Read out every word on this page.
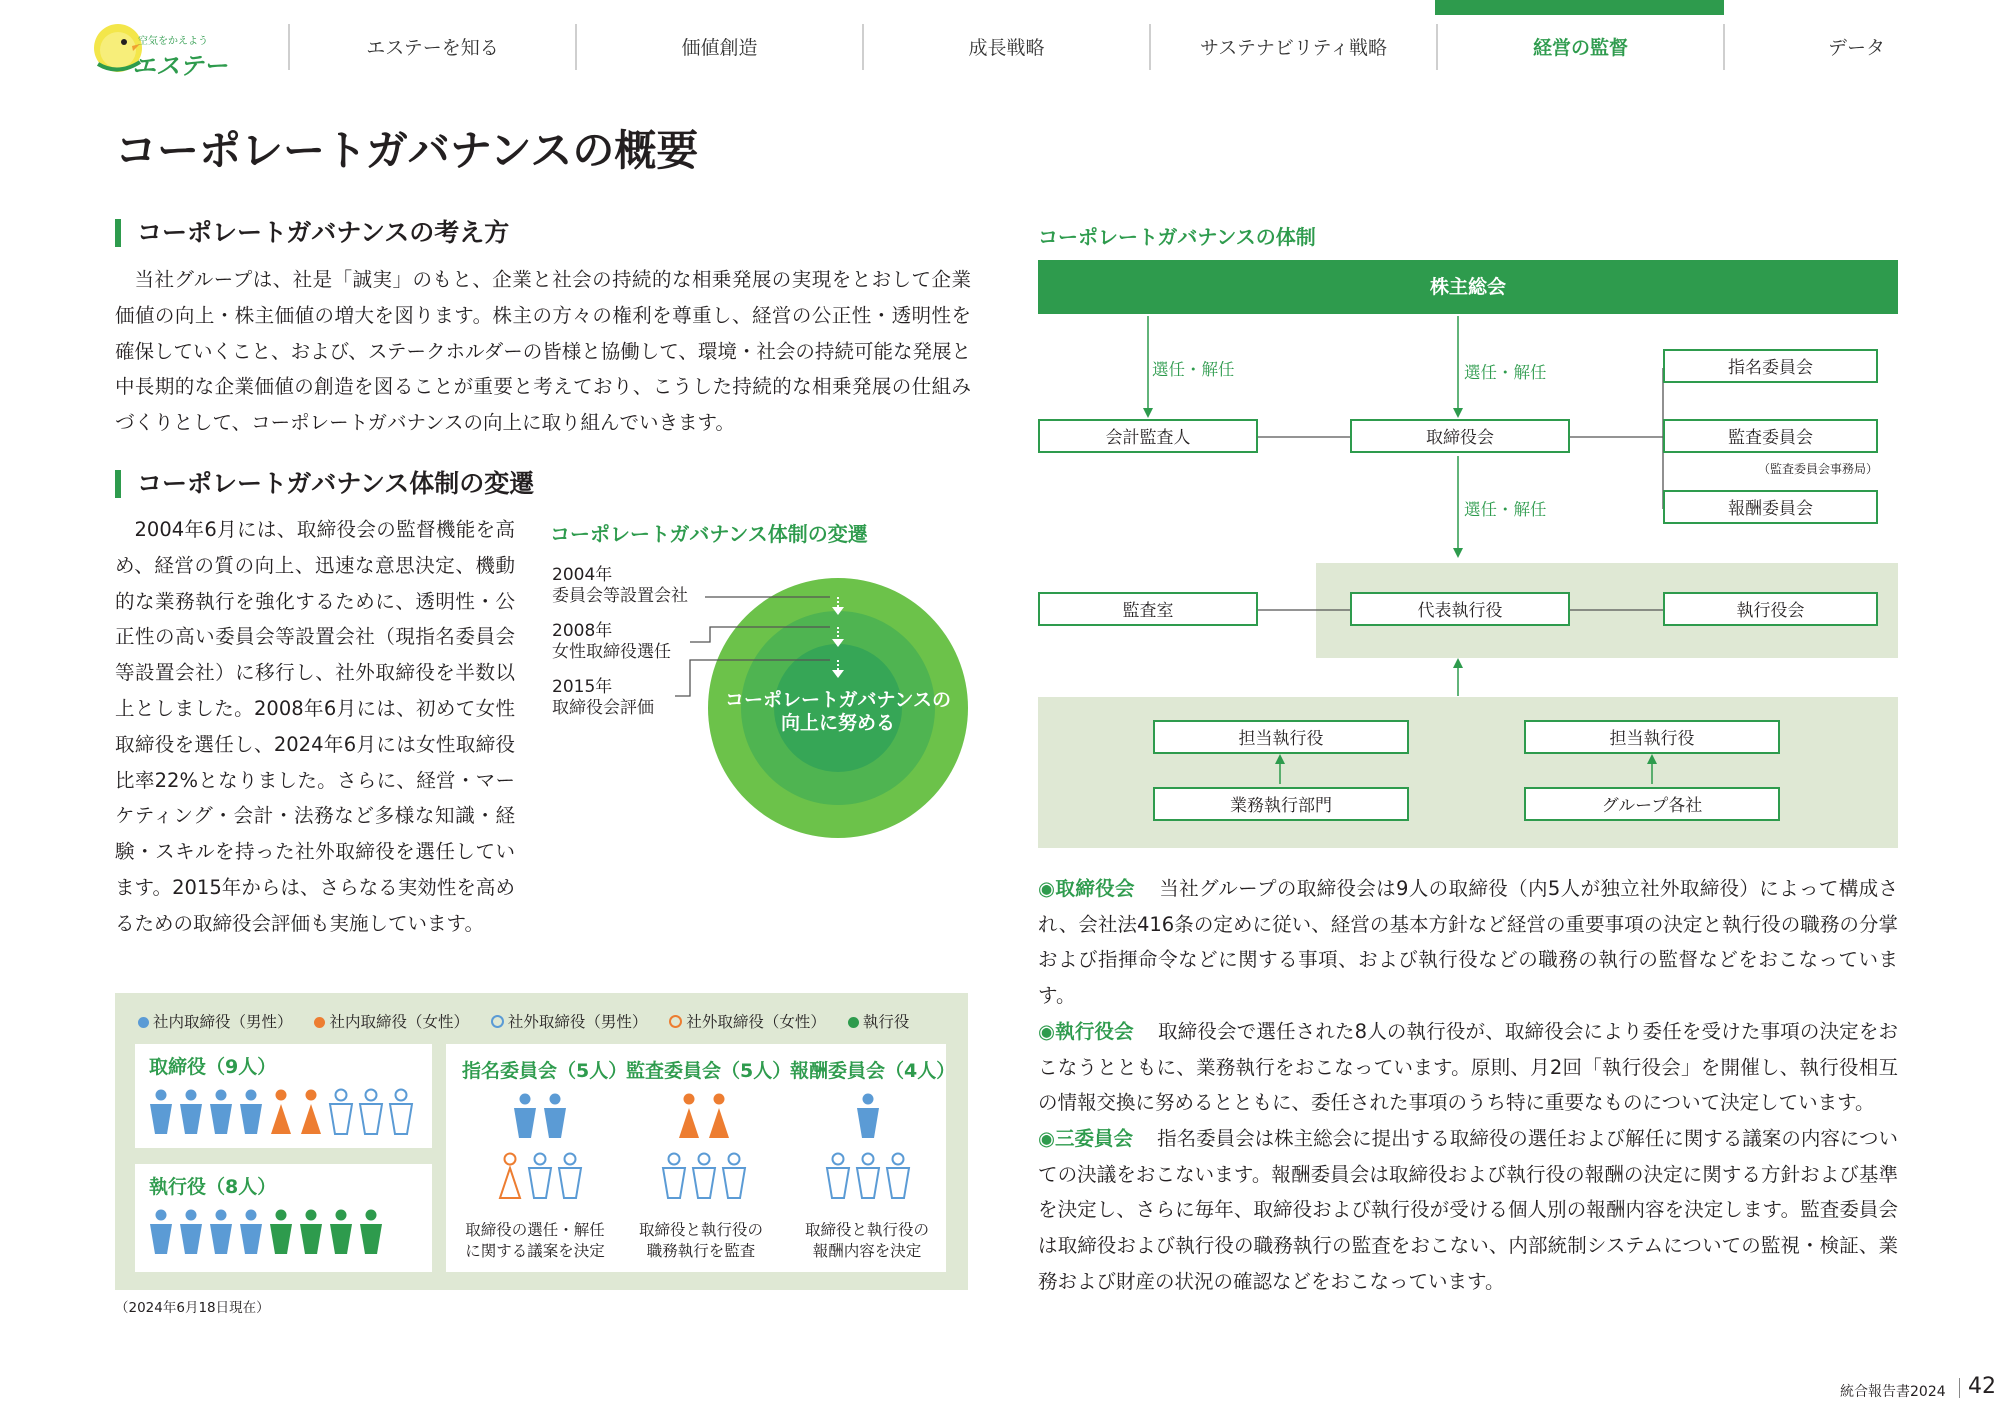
空気をかえよう
エステー
エステーを知る	価値創造	成長戦略	サステナビリティ戦略	経営の監督	データ
コーポレートガバナンスの概要
コーポレートガバナンスの考え方
当社グループは、社是「誠実」のもと、企業と社会の持続的な相乗発展の実現をとおして企業価値の向上・株主価値の増大を図ります。株主の方々の権利を尊重し、経営の公正性・透明性を確保していくこと、および、ステークホルダーの皆様と協働して、環境・社会の持続可能な発展と中長期的な企業価値の創造を図ることが重要と考えており、こうした持続的な相乗発展の仕組みづくりとして、コーポレートガバナンスの向上に取り組んでいきます。
コーポレートガバナンス体制の変遷
2004年6月には、取締役会の監督機能を高め、経営の質の向上、迅速な意思決定、機動的な業務執行を強化するために、透明性・公正性の高い委員会等設置会社（現指名委員会等設置会社）に移行し、社外取締役を半数以上としました。2008年6月には、初めて女性取締役を選任し、2024年6月には女性取締役比率22%となりました。さらに、経営・マーケティング・会計・法務など多様な知識・経験・スキルを持った社外取締役を選任しています。2015年からは、さらなる実効性を高めるための取締役会評価も実施しています。
コーポレートガバナンス体制の変遷
2004年
委員会等設置会社
2008年
女性取締役選任
2015年
取締役会評価	コーポレートガバナンスの
向上に努める
社内取締役（男性） 社内取締役（女性）	社外取締役（男性）	社外取締役（女性） 執行役
取締役（9人）
執行役（8人）
指名委員会（5人）
監査委員会（5人）
報酬委員会（4人）
取締役の選任・解任
に関する議案を決定
取締役と執行役の
職務執行を監査
取締役と執行役の
報酬内容を決定
（2024年6月18日現在）
コーポレートガバナンスの体制
株主総会
選任・解任	選任・解任
選任・解任
会計監査人	取締役会
指名委員会
監査委員会
（監査委員会事務局）
報酬委員会
監査室	代表執行役	執行役会
担当執行役	担当執行役
業務執行部門	グループ各社
◉取締役会 当社グループの取締役会は9人の取締役（内5人が独立社外取締役）によって構成され、会社法416条の定めに従い、経営の基本方針など経営の重要事項の決定と執行役の職務の分掌および指揮命令などに関する事項、および執行役などの職務の執行の監督などをおこなっています。
◉執行役会 取締役会で選任された8人の執行役が、取締役会により委任を受けた事項の決定をおこなうとともに、業務執行をおこなっています。原則、月2回「執行役会」を開催し、執行役相互の情報交換に努めるとともに、委任された事項のうち特に重要なものについて決定しています。
◉三委員会 指名委員会は株主総会に提出する取締役の選任および解任に関する議案の内容についての決議をおこないます。報酬委員会は取締役および執行役の報酬の決定に関する方針および基準を決定し、さらに毎年、取締役および執行役が受ける個人別の報酬内容を決定します。監査委員会は取締役および執行役の職務執行の監査をおこない、内部統制システムについての監視・検証、業務および財産の状況の確認などをおこなっています。
統合報告書2024 42
